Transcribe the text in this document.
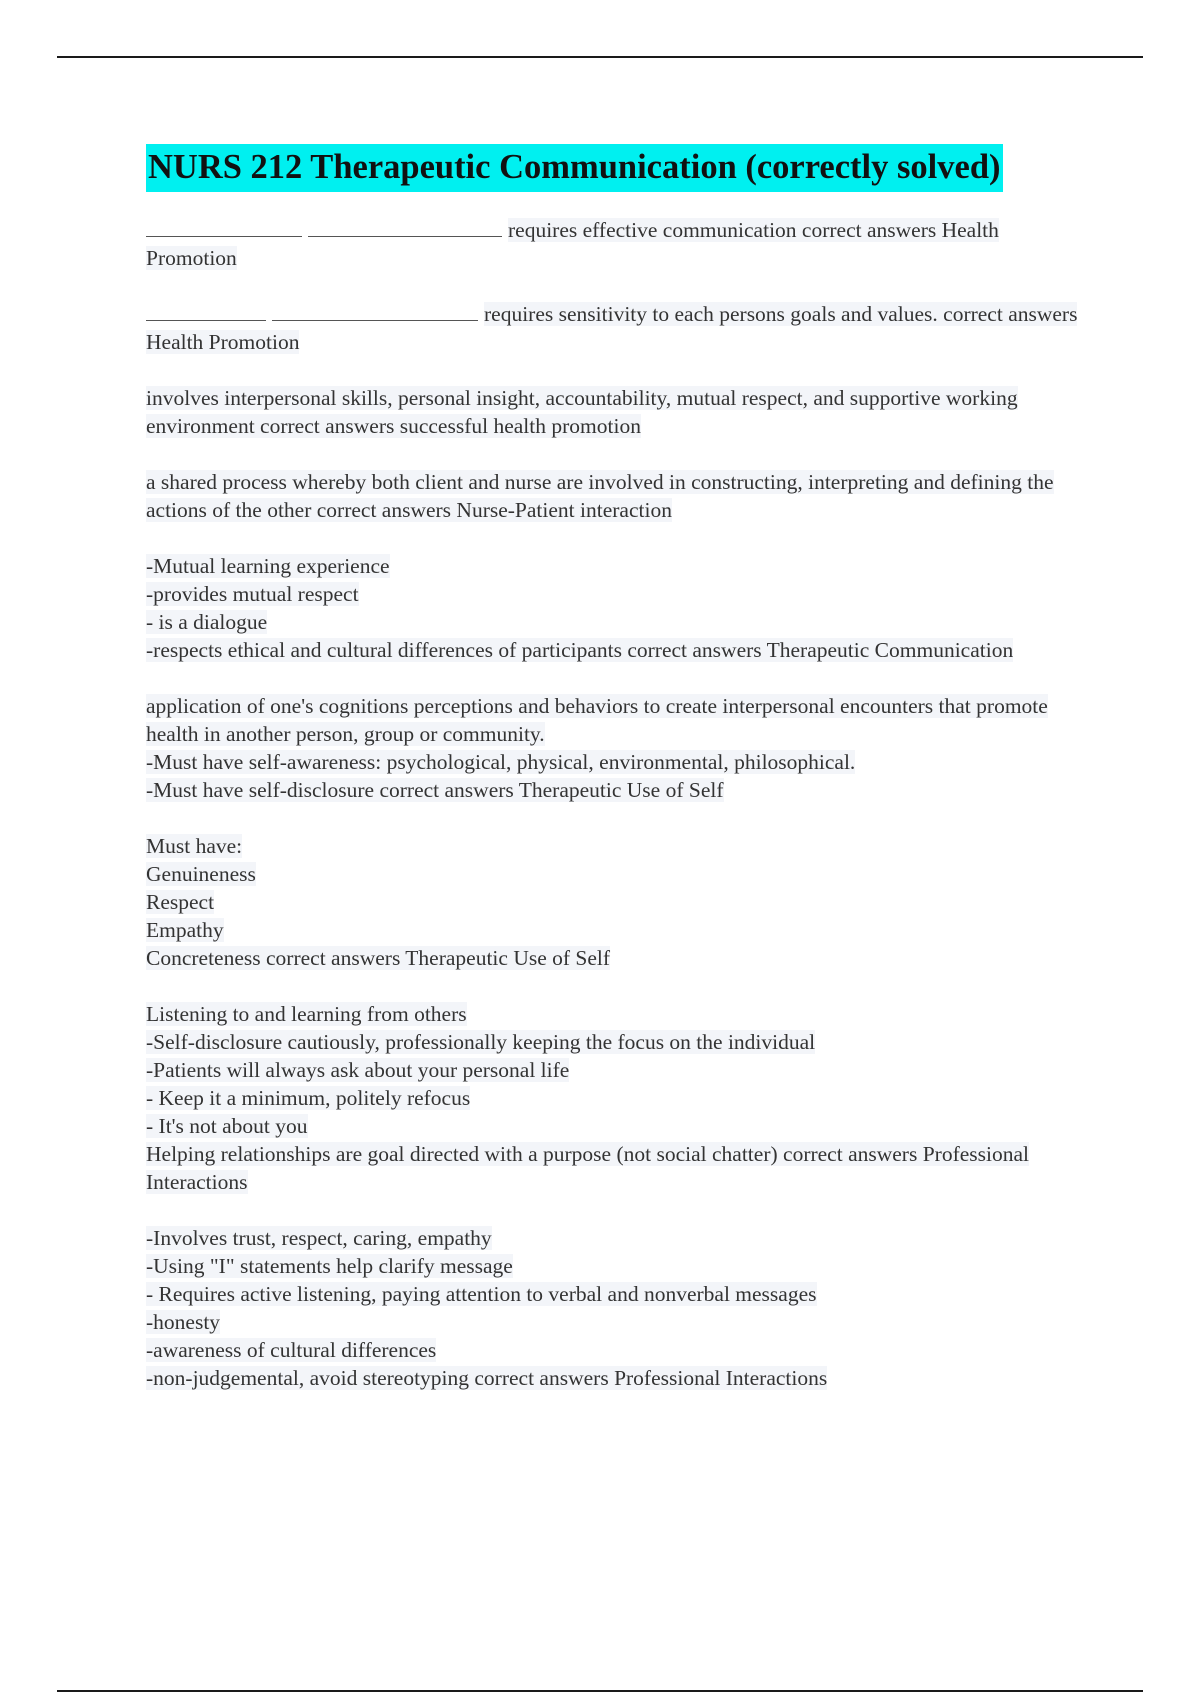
NURS 212 Therapeutic Communication (correctly solved)
requires effective communication correct answers Health Promotion
requires sensitivity to each persons goals and values. correct answers Health Promotion
involves interpersonal skills, personal insight, accountability, mutual respect, and supportive working environment correct answers successful health promotion
a shared process whereby both client and nurse are involved in constructing, interpreting and defining the actions of the other correct answers Nurse-Patient interaction
-Mutual learning experience
-provides mutual respect
- is a dialogue
-respects ethical and cultural differences of participants correct answers Therapeutic Communication
application of one's cognitions perceptions and behaviors to create interpersonal encounters that promote health in another person, group or community.
-Must have self-awareness: psychological, physical, environmental, philosophical.
-Must have self-disclosure correct answers Therapeutic Use of Self
Must have:
Genuineness
Respect
Empathy
Concreteness correct answers Therapeutic Use of Self
Listening to and learning from others
-Self-disclosure cautiously, professionally keeping the focus on the individual
-Patients will always ask about your personal life
- Keep it a minimum, politely refocus
- It's not about you
Helping relationships are goal directed with a purpose (not social chatter) correct answers Professional Interactions
-Involves trust, respect, caring, empathy
-Using "I" statements help clarify message
- Requires active listening, paying attention to verbal and nonverbal messages
-honesty
-awareness of cultural differences
-non-judgemental, avoid stereotyping correct answers Professional Interactions
